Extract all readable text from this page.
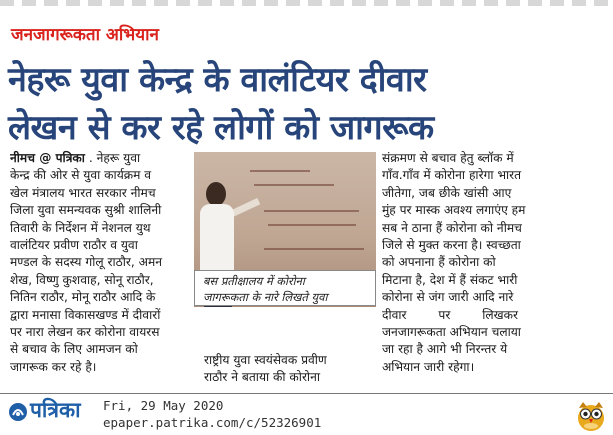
जनजागरूकता अभियान
नेहरू युवा केन्द्र के वालंटियर दीवार
लेखन से कर रहे लोगों को जागरूक
नीमच @ पत्रिका . नेहरू युवा
केन्द्र की ओर से युवा कार्यक्रम व
खेल मंत्रालय भारत सरकार नीमच
जिला युवा समन्यवक सुश्री शालिनी
तिवारी के निर्देशन में नेशनल युथ
वालंटियर प्रवीण राठौर व युवा
मण्डल के सदस्य गोलू राठौर, अमन
शेख, विष्णु कुशवाह, सोनू राठौर,
नितिन राठौर, मोनू राठौर आदि के
द्वारा मनासा विकासखण्ड में दीवारों
पर नारा लेखन कर कोरोना वायरस
से बचाव के लिए आमजन को
जागरूक कर रहे है।
बस प्रतीक्षालय में कोरोना
जागरूकता के नारे लिखते युवा
राष्ट्रीय युवा स्वयंसेवक प्रवीण
राठौर ने बताया की कोरोना
संक्रमण से बचाव हेतु ब्लॉक में
गाँव.गाँव में कोरोना हारेगा भारत
जीतेगा, जब छीके खांसी आए
मुंह पर मास्क अवश्य लगाएंए हम
सब ने ठाना हैं कोरोना को नीमच
जिले से मुक्त करना है। स्वच्छता
को अपनाना हैं कोरोना को
मिटाना है, देश में हैं संकट भारी
कोरोना से जंग जारी आदि नारे
दीवार पर लिखकर
जनजागरूकता अभियान चलाया
जा रहा है आगे भी निरन्तर ये
अभियान जारी रहेगा।
पत्रिका Fri, 29 May 2020
epaper.patrika.com/c/52326901
